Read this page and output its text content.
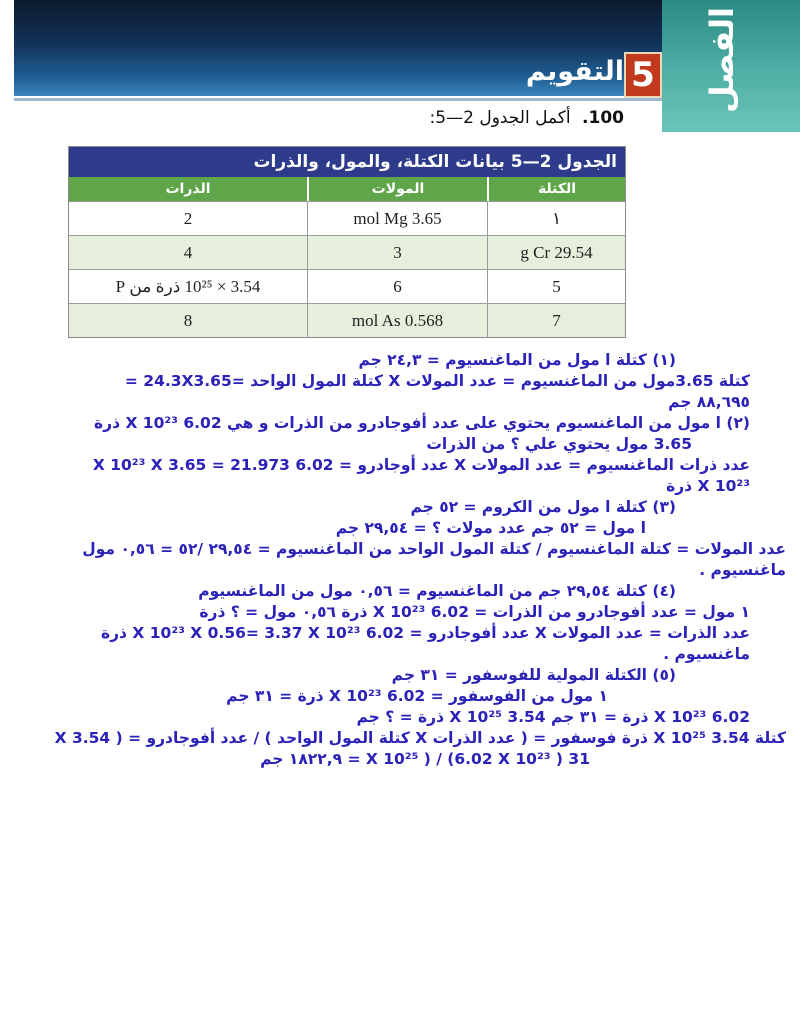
الفصل
5
التقويم
100. أكمل الجدول 2—5:
الجدول 2—5 بيانات الكتلة، والمول، والذرات
الكتلة
المولات
الذرات
١
3.65 mol Mg
2
29.54 g Cr
3
4
5
6
3.54 × 10²⁵ ذرة من P
7
0.568 mol As
8

(١) كتلة ا مول من الماغنسيوم = ٢٤,٣ جم

كتلة 3.65مول من الماغنسيوم = عدد المولات X كتلة المول الواحد =24.3X3.65 =

٨٨,٦٩٥ جم

(٢) ا مول من الماغنسيوم يحتوي على عدد أفوجادرو من الذرات و هي 6.02 X 10²³ ذرة

3.65 مول يحتوي علي ؟ من الذرات

عدد ذرات الماغنسيوم = عدد المولات X عدد أوجادرو = 6.02 X 10²³ X 3.65 = 21.973

X 10²³ ذرة

(٣) كتلة ا مول من الكروم = ٥٢ جم

ا مول = ٥٢ جم عدد مولات ؟ = ٢٩,٥٤ جم

عدد المولات = كتلة الماغنسيوم / كتلة المول الواحد من الماغنسيوم = ٢٩,٥٤ /٥٢ = ٠,٥٦ مول

ماغنسيوم .

(٤) كتلة ٢٩,٥٤ جم من الماغنسيوم = ٠,٥٦ مول من الماغنسيوم

١ مول = عدد أفوجادرو من الذرات = 6.02 X 10²³ ذرة ٠,٥٦ مول = ؟ ذرة

عدد الذرات = عدد المولات X عدد أفوجادرو = 6.02 X 10²³ X 0.56= 3.37 X 10²³ ذرة

ماغنسيوم .

(٥) الكتلة المولية للفوسفور = ٣١ جم

١ مول من الفوسفور = 6.02 X 10²³ ذرة = ٣١ جم

6.02 X 10²³ ذرة = ٣١ جم 3.54 X 10²⁵ ذرة = ؟ جم

كتلة 3.54 X 10²⁵ ذرة فوسفور = ( عدد الذرات X كتلة المول الواحد ) / عدد أفوجادرو = ( 3.54 X

31 X 10²⁵ ) / (6.02 X 10²³ ) = ١٨٢٢,٩ جم
